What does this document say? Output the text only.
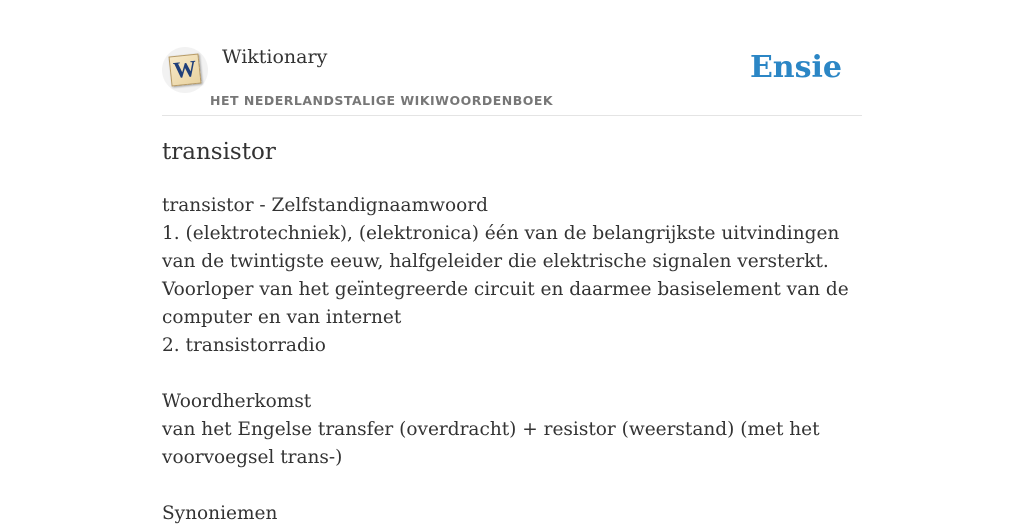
W Wiktionary
HET NEDERLANDSTALIGE WIKIWOORDENBOEK
Ensie
transistor

transistor - Zelfstandignaamwoord

1. (elektrotechniek), (elektronica) één van de belangrijkste uitvindingen van de twintigste eeuw, halfgeleider die elektrische signalen versterkt. Voorloper van het geïntegreerde circuit en daarmee basiselement van de computer en van internet

2. transistorradio

Woordherkomst

van het Engelse transfer (overdracht) + resistor (weerstand) (met het voorvoegsel trans-)

Synoniemen
